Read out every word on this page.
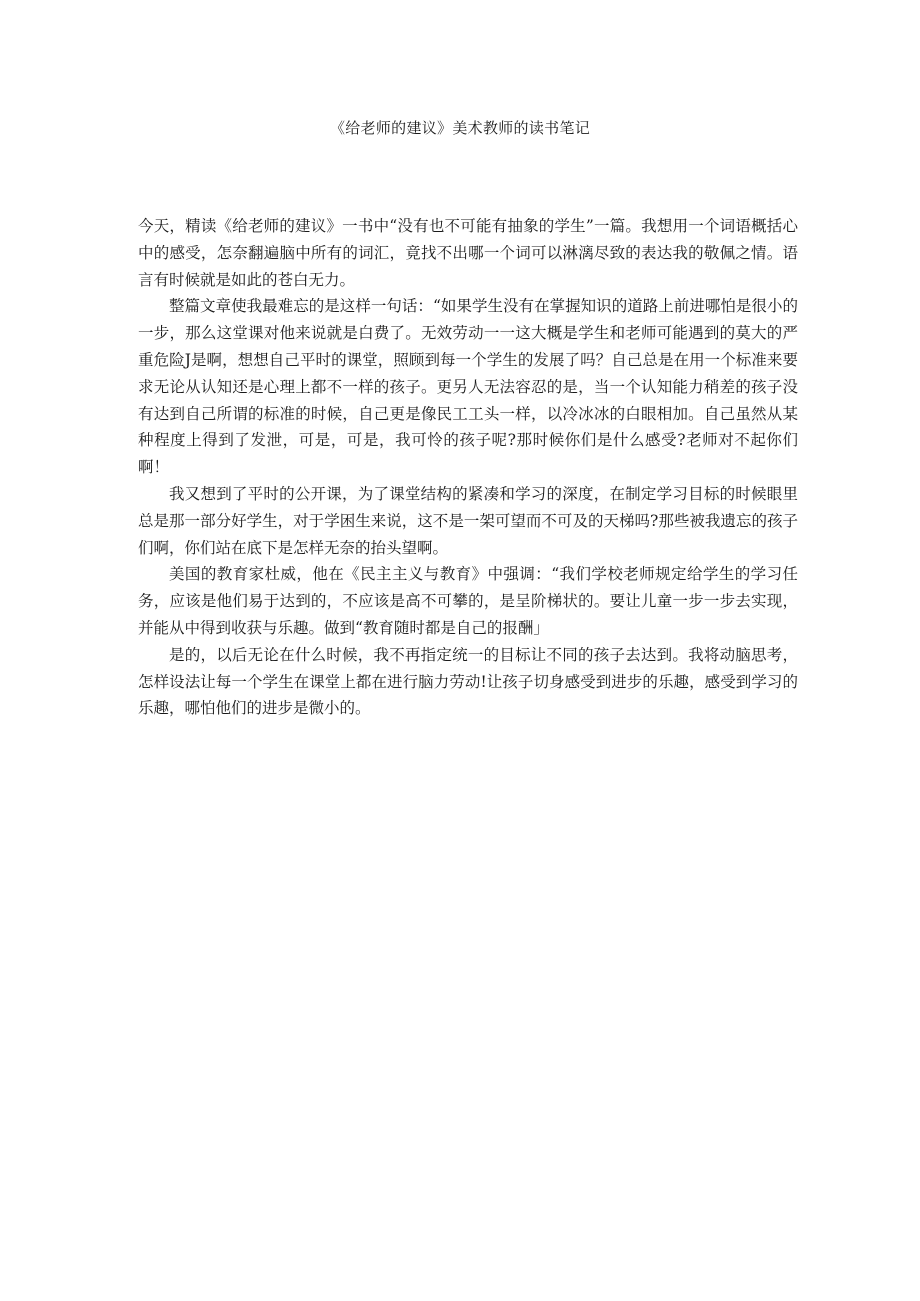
《给老师的建议》美术教师的读书笔记

今天，精读《给老师的建议》一书中“没有也不可能有抽象的学生”一篇。我想用一个词语概括心中的感受，怎奈翻遍脑中所有的词汇，竟找不出哪一个词可以淋漓尽致的表达我的敬佩之情。语言有时候就是如此的苍白无力。

整篇文章使我最难忘的是这样一句话：“如果学生没有在掌握知识的道路上前进哪怕是很小的一步，那么这堂课对他来说就是白费了。无效劳动一一这大概是学生和老师可能遇到的莫大的严重危险J是啊，想想自己平时的课堂，照顾到每一个学生的发展了吗？自己总是在用一个标准来要求无论从认知还是心理上都不一样的孩子。更另人无法容忍的是，当一个认知能力稍差的孩子没有达到自己所谓的标准的时候，自己更是像民工工头一样，以冷冰冰的白眼相加。自己虽然从某种程度上得到了发泄，可是，可是，我可怜的孩子呢?那时候你们是什么感受?老师对不起你们啊！

我又想到了平时的公开课，为了课堂结构的紧凑和学习的深度，在制定学习目标的时候眼里总是那一部分好学生，对于学困生来说，这不是一架可望而不可及的天梯吗?那些被我遗忘的孩子们啊，你们站在底下是怎样无奈的抬头望啊。

美国的教育家杜威，他在《民主主义与教育》中强调：“我们学校老师规定给学生的学习任务，应该是他们易于达到的，不应该是高不可攀的，是呈阶梯状的。要让儿童一步一步去实现，并能从中得到收获与乐趣。做到“教育随时都是自己的报酬」

是的，以后无论在什么时候，我不再指定统一的目标让不同的孩子去达到。我将动脑思考，怎样设法让每一个学生在课堂上都在进行脑力劳动!让孩子切身感受到进步的乐趣，感受到学习的乐趣，哪怕他们的进步是微小的。
